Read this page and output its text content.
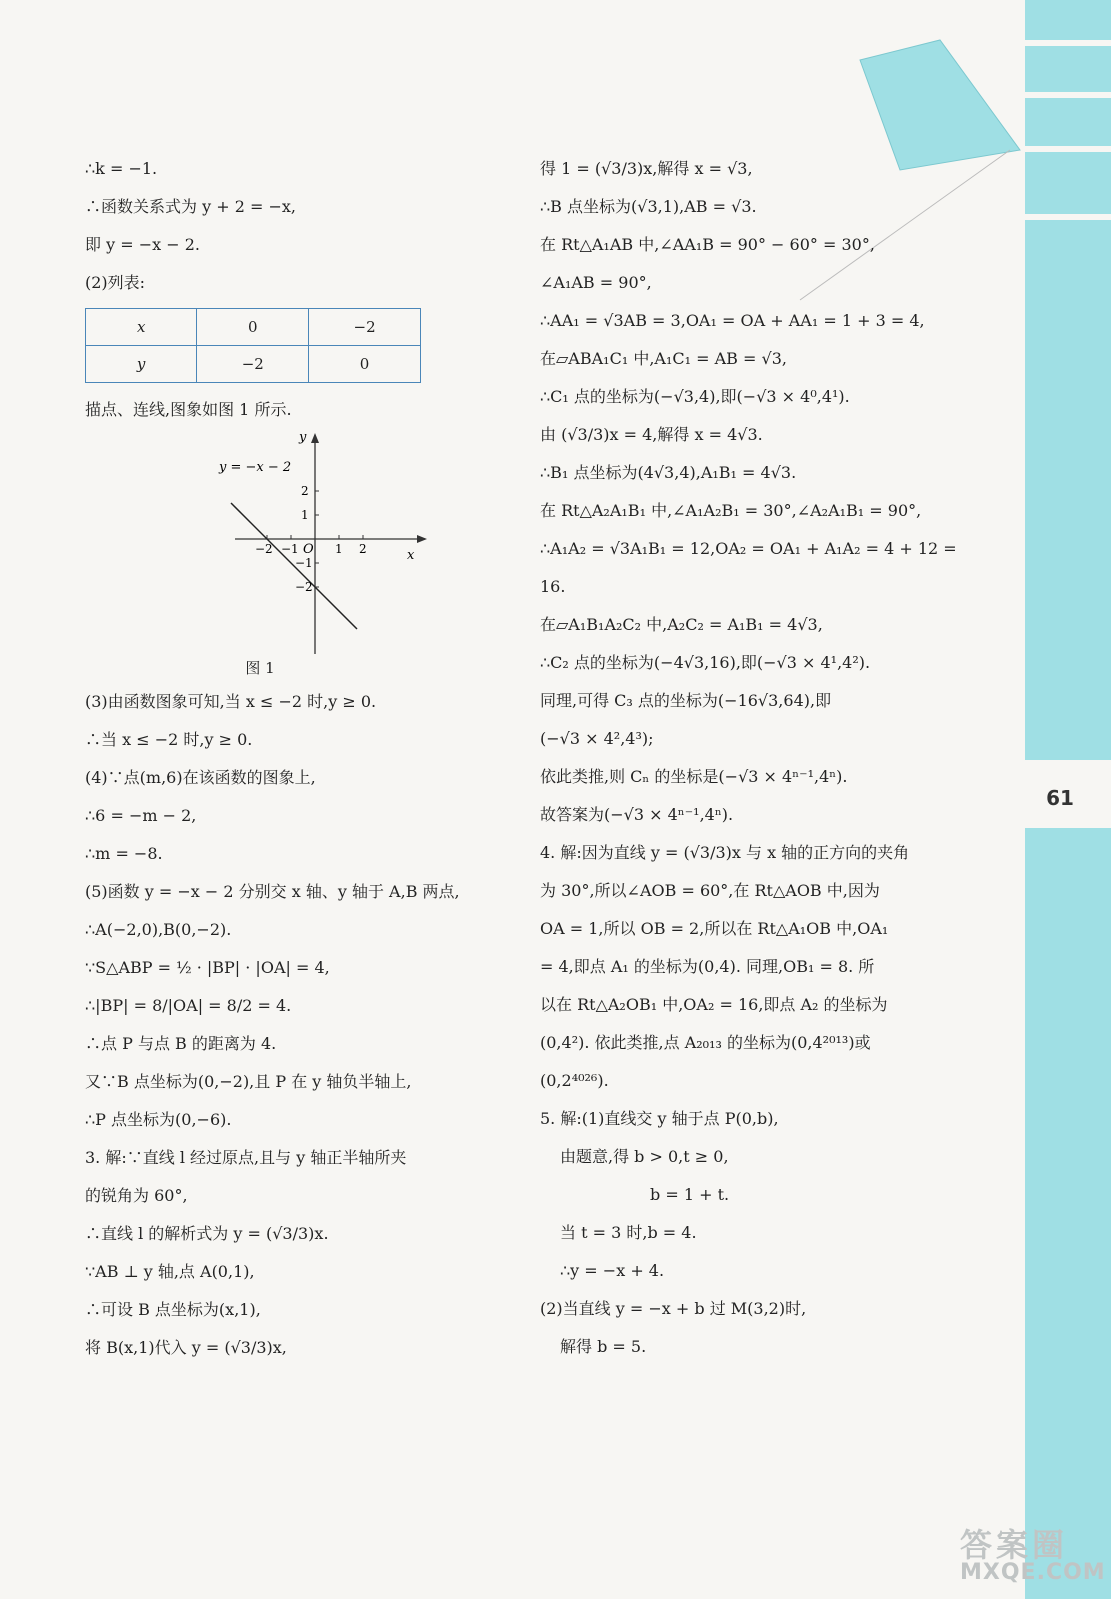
61
答案圈
MXQE.COM
∴k = −1.
∴函数关系式为 y + 2 = −x,
即 y = −x − 2.
(2)列表:
x	0	−2
y	−2	0
描点、连线,图象如图 1 所示.
y = −x − 2
y
x
O
−2 −1	1 2
2
1
−1
−2
图 1
(3)由函数图象可知,当 x ≤ −2 时,y ≥ 0.
∴当 x ≤ −2 时,y ≥ 0.
(4)∵点(m,6)在该函数的图象上,
∴6 = −m − 2,
∴m = −8.
(5)函数 y = −x − 2 分别交 x 轴、y 轴于 A,B 两点,
∴A(−2,0),B(0,−2).
∵S△ABP = ½ · |BP| · |OA| = 4,
∴|BP| = 8/|OA| = 8/2 = 4.
∴点 P 与点 B 的距离为 4.
又∵B 点坐标为(0,−2),且 P 在 y 轴负半轴上,
∴P 点坐标为(0,−6).
3. 解:∵直线 l 经过原点,且与 y 轴正半轴所夹
的锐角为 60°,
∴直线 l 的解析式为 y = (√3/3)x.
∵AB ⊥ y 轴,点 A(0,1),
∴可设 B 点坐标为(x,1),
将 B(x,1)代入 y = (√3/3)x,
得 1 = (√3/3)x,解得 x = √3,
∴B 点坐标为(√3,1),AB = √3.
在 Rt△A₁AB 中,∠AA₁B = 90° − 60° = 30°,
∠A₁AB = 90°,
∴AA₁ = √3AB = 3,OA₁ = OA + AA₁ = 1 + 3 = 4,
在▱ABA₁C₁ 中,A₁C₁ = AB = √3,
∴C₁ 点的坐标为(−√3,4),即(−√3 × 4⁰,4¹).
由 (√3/3)x = 4,解得 x = 4√3.
∴B₁ 点坐标为(4√3,4),A₁B₁ = 4√3.
在 Rt△A₂A₁B₁ 中,∠A₁A₂B₁ = 30°,∠A₂A₁B₁ = 90°,
∴A₁A₂ = √3A₁B₁ = 12,OA₂ = OA₁ + A₁A₂ = 4 + 12 =
16.
在▱A₁B₁A₂C₂ 中,A₂C₂ = A₁B₁ = 4√3,
∴C₂ 点的坐标为(−4√3,16),即(−√3 × 4¹,4²).
同理,可得 C₃ 点的坐标为(−16√3,64),即
(−√3 × 4²,4³);
依此类推,则 Cₙ 的坐标是(−√3 × 4ⁿ⁻¹,4ⁿ).
故答案为(−√3 × 4ⁿ⁻¹,4ⁿ).
4. 解:因为直线 y = (√3/3)x 与 x 轴的正方向的夹角
为 30°,所以∠AOB = 60°,在 Rt△AOB 中,因为
OA = 1,所以 OB = 2,所以在 Rt△A₁OB 中,OA₁
= 4,即点 A₁ 的坐标为(0,4). 同理,OB₁ = 8. 所
以在 Rt△A₂OB₁ 中,OA₂ = 16,即点 A₂ 的坐标为
(0,4²). 依此类推,点 A₂₀₁₃ 的坐标为(0,4²⁰¹³)或
(0,2⁴⁰²⁶).
5. 解:(1)直线交 y 轴于点 P(0,b),
由题意,得 b > 0,t ≥ 0,
b = 1 + t.
当 t = 3 时,b = 4.
∴y = −x + 4.
(2)当直线 y = −x + b 过 M(3,2)时,
解得 b = 5.
